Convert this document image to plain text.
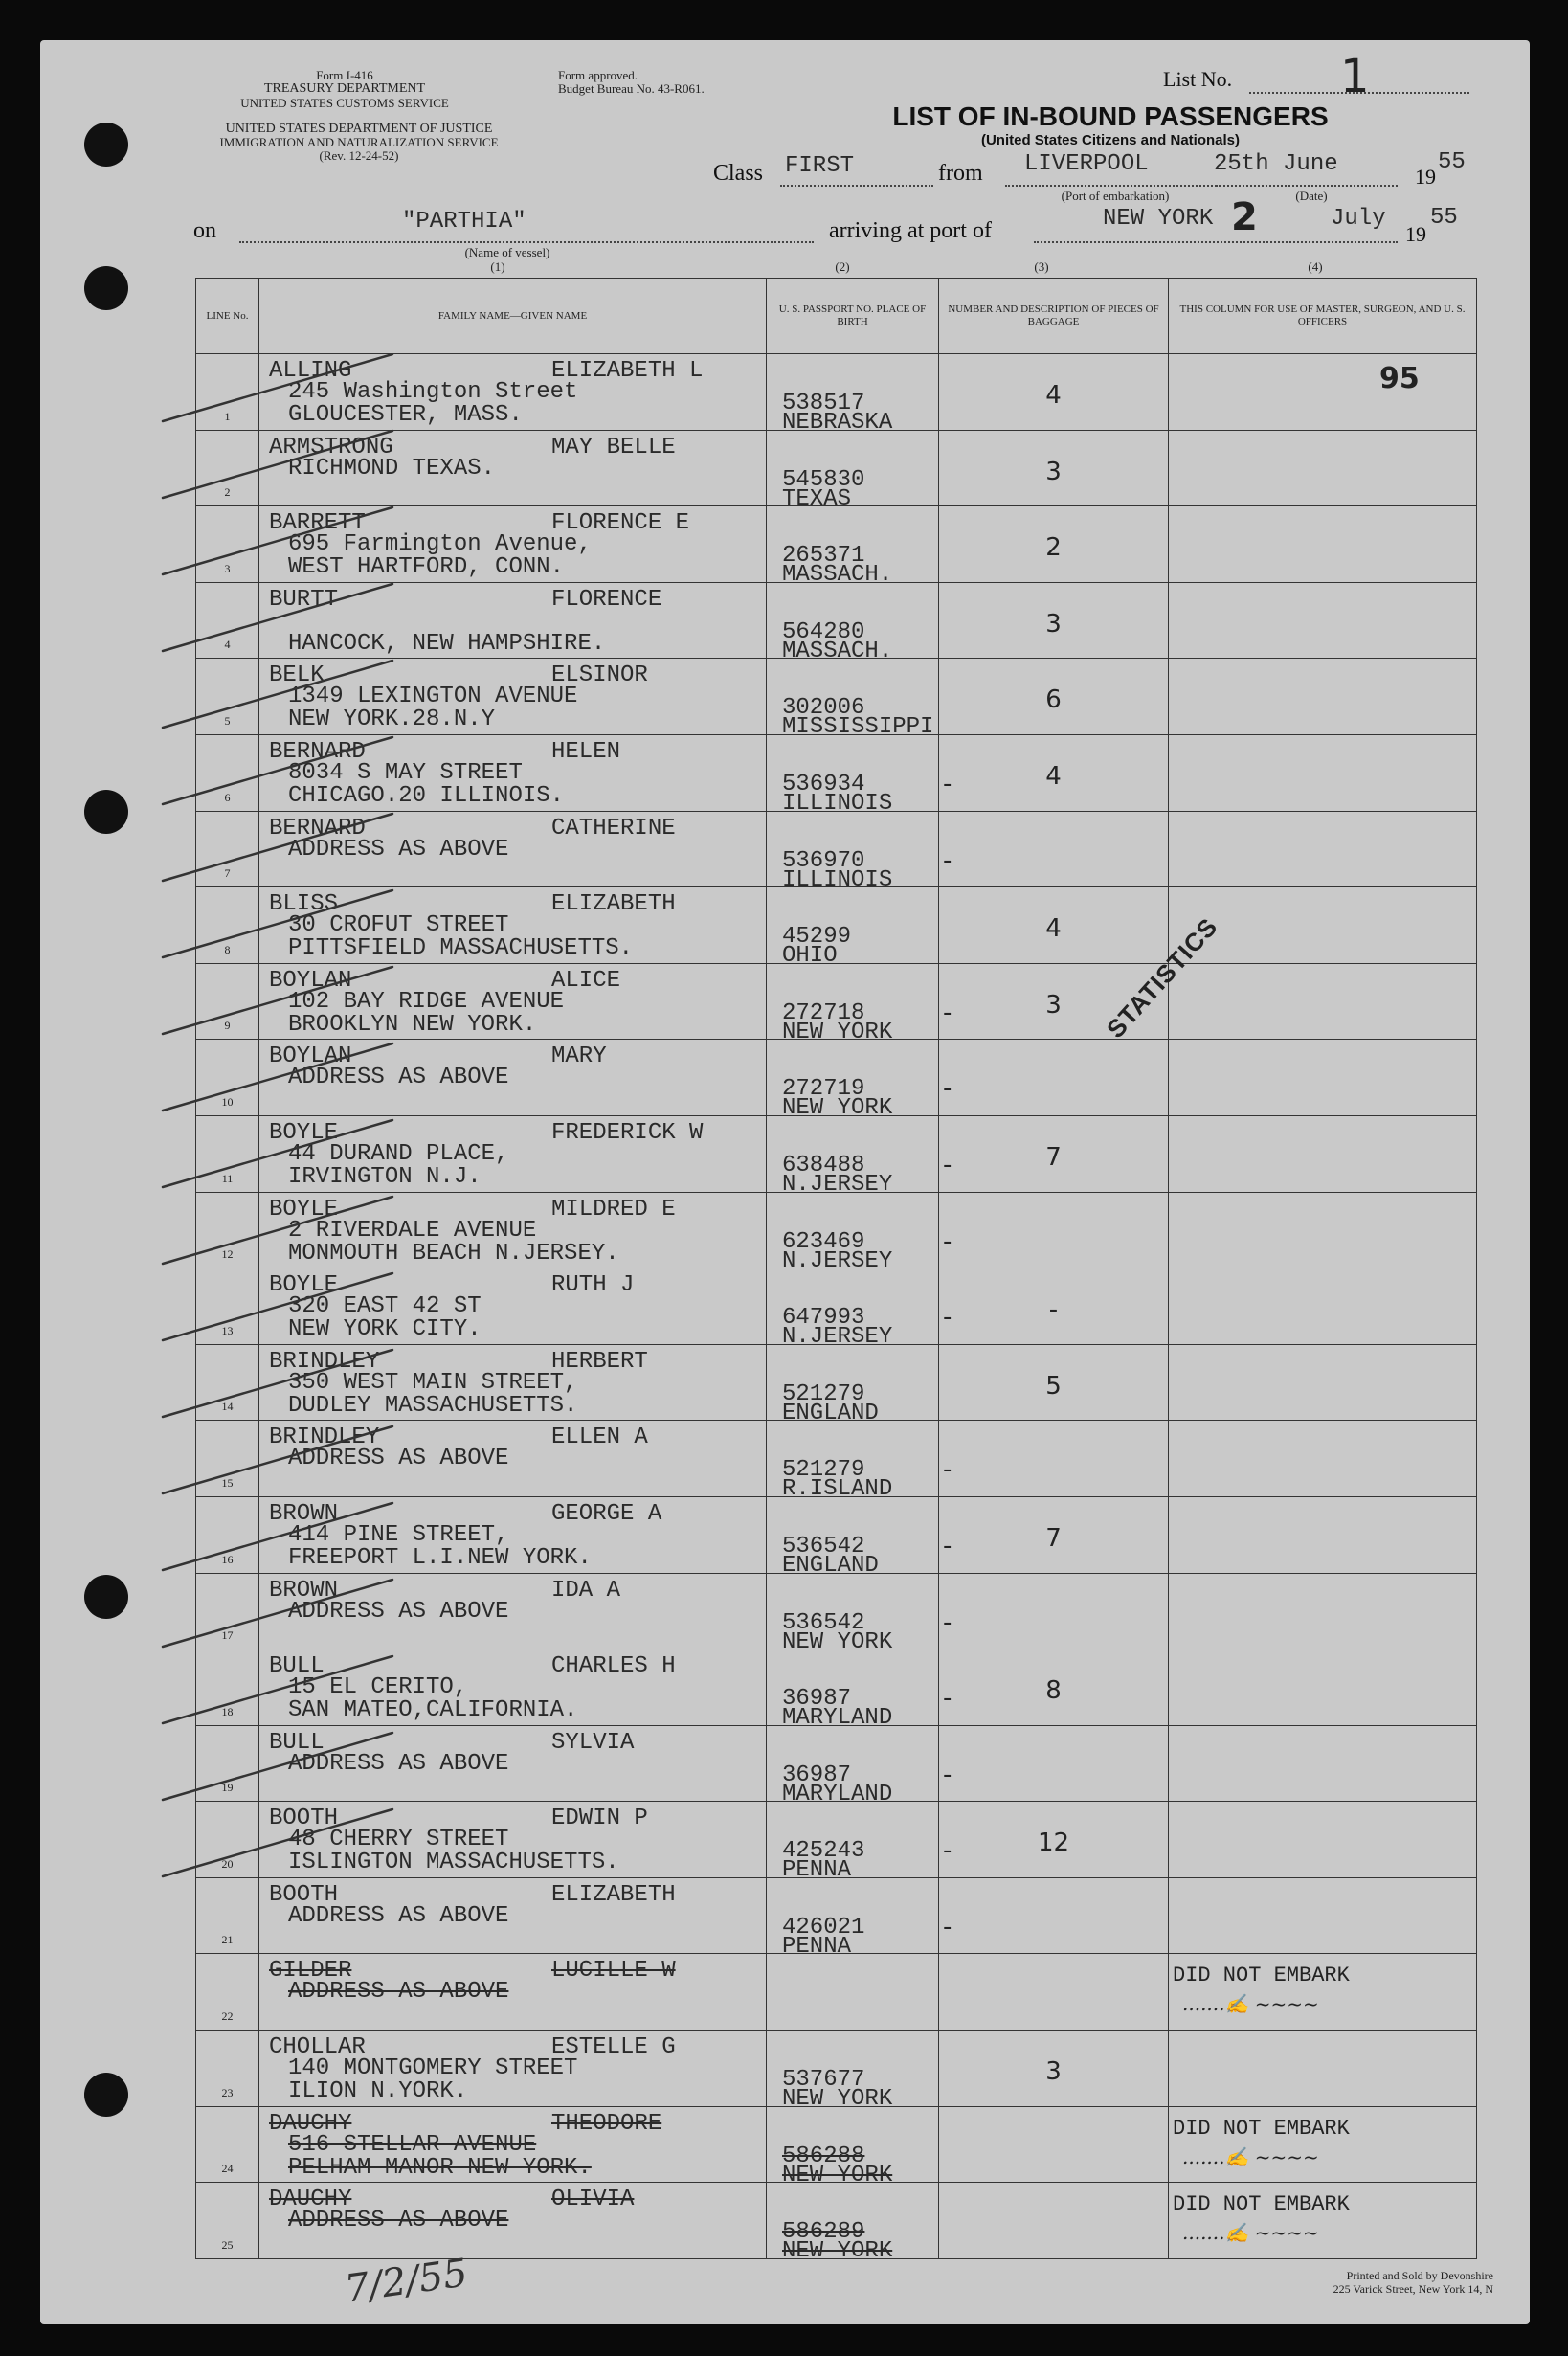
Form I-416
TREASURY DEPARTMENT
UNITED STATES CUSTOMS SERVICE
UNITED STATES DEPARTMENT OF JUSTICE
IMMIGRATION AND NATURALIZATION SERVICE
(Rev. 12-24-52)
Form approved.
Budget Bureau No. 43-R061.	List No. 1
LIST OF IN-BOUND PASSENGERS
(United States Citizens and Nationals)
Class FIRST	from LIVERPOOL
(Port of embarkation)
25th June
(Date)
19
55
on	"PARTHIA"
(Name of vessel)
arriving at port of	NEW YORK 2	July
19
55
(1)	(2)	(3)	(4)
LINE No.	FAMILY NAME—GIVEN NAME	U. S. PASSPORT NO. PLACE OF BIRTH	NUMBER AND DESCRIPTION OF PIECES OF BAGGAGE	THIS COLUMN FOR USE OF MASTER, SURGEON, AND U. S. OFFICERS

1	ALLING ELIZABETH L
245 Washington Street
GLOUCESTER, MASS.	538517
NEBRASKA	4	95

2	ARMSTRONG MAY BELLE
RICHMOND TEXAS.	545830
TEXAS	3	

3	BARRETT FLORENCE E
695 Farmington Avenue,
WEST HARTFORD, CONN.	265371
MASSACH.	2	

4	BURTT FLORENCE
HANCOCK, NEW HAMPSHIRE.	564280
MASSACH.	3	

5	BELK ELSINOR
1349 LEXINGTON AVENUE
NEW YORK.28.N.Y	302006
MISSISSIPPI	6	

6	BERNARD HELEN
8034 S MAY STREET
CHICAGO.20 ILLINOIS.	536934
ILLINOIS	- 4	

7	BERNARD CATHERINE
ADDRESS AS ABOVE	536970
ILLINOIS	-	

8	BLISS ELIZABETH
30 CROFUT STREET
PITTSFIELD MASSACHUSETTS.	45299
OHIO	4	

9	BOYLAN ALICE
102 BAY RIDGE AVENUE
BROOKLYN NEW YORK.	272718
NEW YORK	- 3	

10	BOYLAN MARY
ADDRESS AS ABOVE	272719
NEW YORK	-	

11	BOYLE FREDERICK W
44 DURAND PLACE,
IRVINGTON N.J.	638488
N.JERSEY	- 7	

12	BOYLE MILDRED E
2 RIVERDALE AVENUE
MONMOUTH BEACH N.JERSEY.	623469
N.JERSEY	-	

13	BOYLE RUTH J
320 EAST 42 ST
NEW YORK CITY.	647993
N.JERSEY	- -	

14	BRINDLEY HERBERT
350 WEST MAIN STREET,
DUDLEY MASSACHUSETTS.	521279
ENGLAND	5	

15	BRINDLEY ELLEN A
ADDRESS AS ABOVE	521279
R.ISLAND	-	

16	BROWN GEORGE A
414 PINE STREET,
FREEPORT L.I.NEW YORK.	536542
ENGLAND	- 7	

17	BROWN IDA A
ADDRESS AS ABOVE	536542
NEW YORK	-	

18	BULL CHARLES H
15 EL CERITO,
SAN MATEO,CALIFORNIA.	36987
MARYLAND	- 8	

19	BULL SYLVIA
ADDRESS AS ABOVE	36987
MARYLAND	-	

20	BOOTH EDWIN P
48 CHERRY STREET
ISLINGTON MASSACHUSETTS.	425243
PENNA	- 12	

21	BOOTH ELIZABETH
ADDRESS AS ABOVE	426021
PENNA	-	

22	GILDER LUCILLE W
ADDRESS AS ABOVE			DID NOT EMBARK
.......✍ ~~~~

23	CHOLLAR ESTELLE G
140 MONTGOMERY STREET
ILION N.YORK.	537677
NEW YORK	3	

24	DAUCHY THEODORE
516 STELLAR AVENUE
PELHAM MANOR NEW YORK.	586288
NEW YORK		DID NOT EMBARK
.......✍ ~~~~

25	DAUCHY OLIVIA
ADDRESS AS ABOVE	586289
NEW YORK		DID NOT EMBARK
.......✍ ~~~~
STATISTICS
7/2/55	Printed and Sold by Devonshire
225 Varick Street, New York 14, N
